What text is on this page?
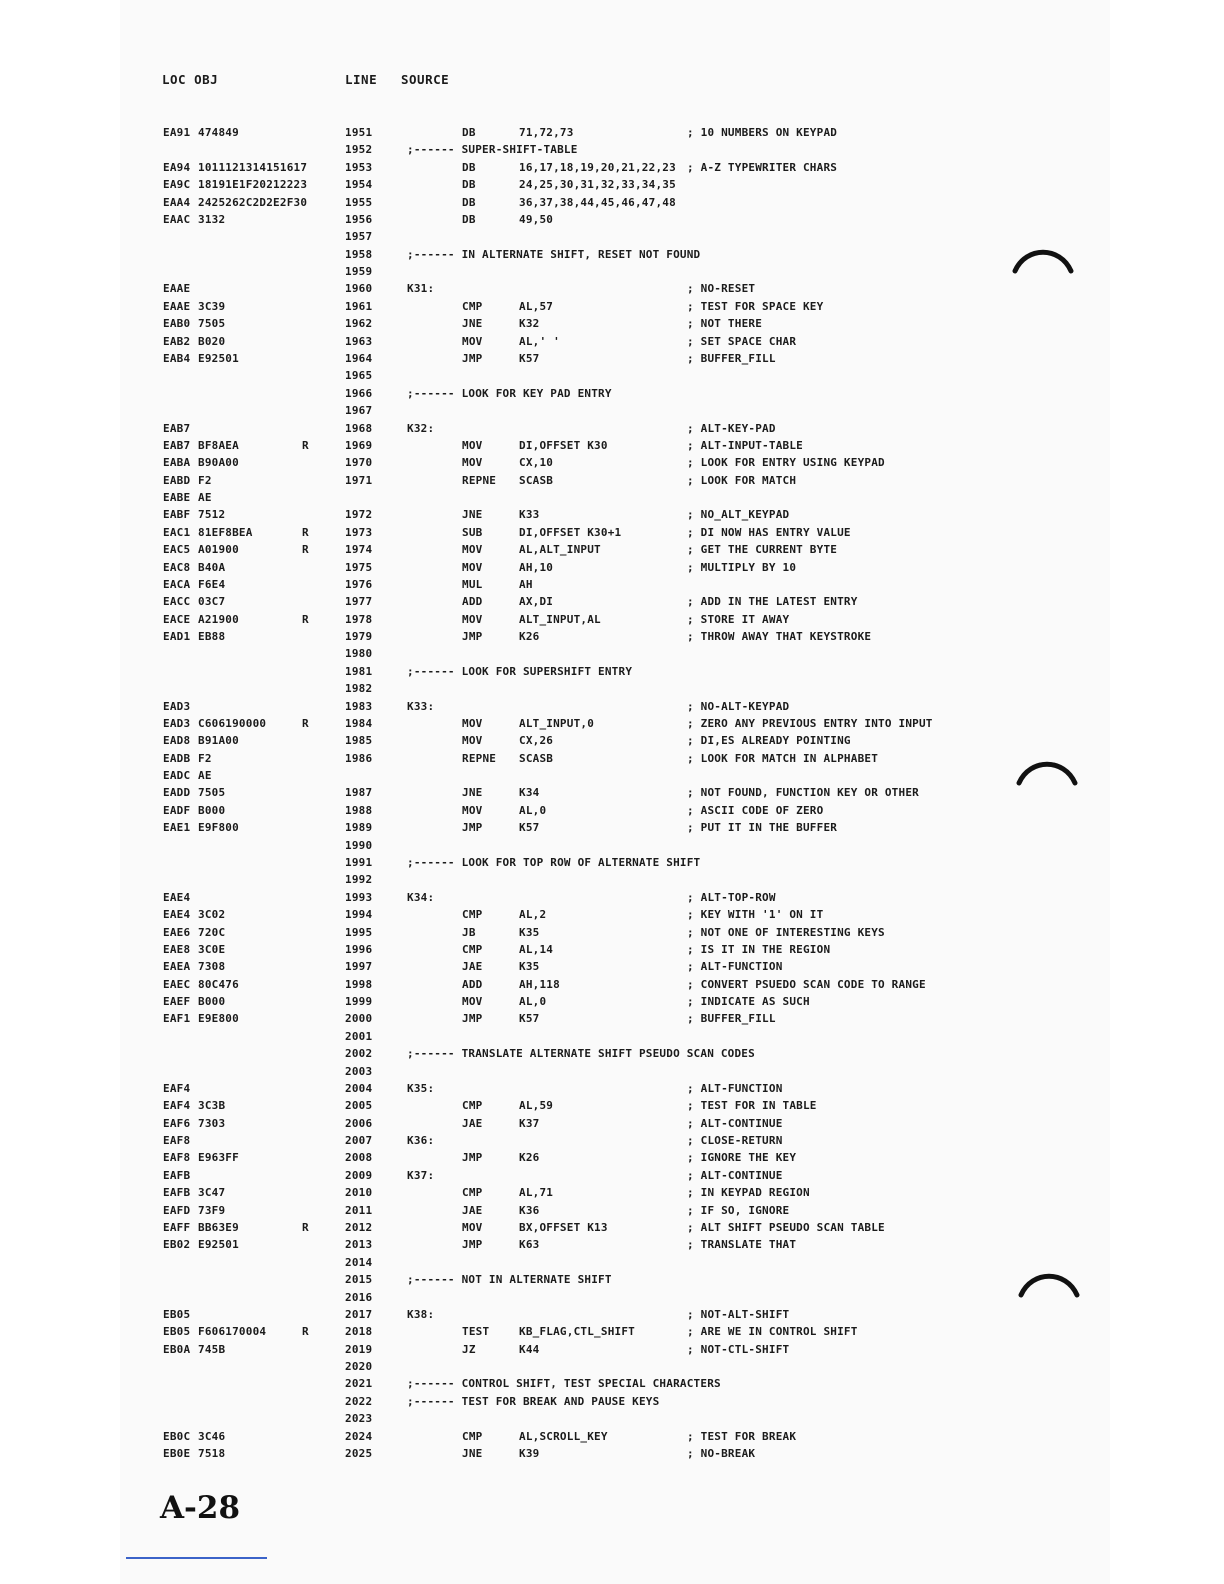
LOC OBJ	LINE SOURCE
EA91 474849	1951	DB	71,72,73	; 10 NUMBERS ON KEYPAD
1952	;------ SUPER-SHIFT-TABLE
EA94 1011121314151617	1953	DB	16,17,18,19,20,21,22,23 ; A-Z TYPEWRITER CHARS
EA9C 18191E1F20212223	1954	DB	24,25,30,31,32,33,34,35
EAA4 2425262C2D2E2F30	1955	DB	36,37,38,44,45,46,47,48
EAAC 3132	1956	DB	49,50
1957
1958	;------ IN ALTERNATE SHIFT, RESET NOT FOUND
1959
EAAE	1960	K31:	; NO-RESET
EAAE 3C39	1961	CMP	AL,57	; TEST FOR SPACE KEY
EAB0 7505	1962	JNE	K32	; NOT THERE
EAB2 B020	1963	MOV	AL,' '	; SET SPACE CHAR
EAB4 E92501	1964	JMP	K57	; BUFFER_FILL
1965
1966	;------ LOOK FOR KEY PAD ENTRY
1967
EAB7	1968	K32:	; ALT-KEY-PAD
EAB7 BF8AEA	R	1969	MOV	DI,OFFSET K30	; ALT-INPUT-TABLE
EABA B90A00	1970	MOV	CX,10	; LOOK FOR ENTRY USING KEYPAD
EABD F2	1971	REPNE SCASB	; LOOK FOR MATCH
EABE AE
EABF 7512	1972	JNE	K33	; NO_ALT_KEYPAD
EAC1 81EF8BEA	R	1973	SUB	DI,OFFSET K30+1	; DI NOW HAS ENTRY VALUE
EAC5 A01900	R	1974	MOV	AL,ALT_INPUT	; GET THE CURRENT BYTE
EAC8 B40A	1975	MOV	AH,10	; MULTIPLY BY 10
EACA F6E4	1976	MUL	AH
EACC 03C7	1977	ADD	AX,DI	; ADD IN THE LATEST ENTRY
EACE A21900	R	1978	MOV	ALT_INPUT,AL	; STORE IT AWAY
EAD1 EB88	1979	JMP	K26	; THROW AWAY THAT KEYSTROKE
1980
1981	;------ LOOK FOR SUPERSHIFT ENTRY
1982
EAD3	1983	K33:	; NO-ALT-KEYPAD
EAD3 C606190000	R	1984	MOV	ALT_INPUT,0	; ZERO ANY PREVIOUS ENTRY INTO INPUT
EAD8 B91A00	1985	MOV	CX,26	; DI,ES ALREADY POINTING
EADB F2	1986	REPNE SCASB	; LOOK FOR MATCH IN ALPHABET
EADC AE
EADD 7505	1987	JNE	K34	; NOT FOUND, FUNCTION KEY OR OTHER
EADF B000	1988	MOV	AL,0	; ASCII CODE OF ZERO
EAE1 E9F800	1989	JMP	K57	; PUT IT IN THE BUFFER
1990
1991	;------ LOOK FOR TOP ROW OF ALTERNATE SHIFT
1992
EAE4	1993	K34:	; ALT-TOP-ROW
EAE4 3C02	1994	CMP	AL,2	; KEY WITH '1' ON IT
EAE6 720C	1995	JB	K35	; NOT ONE OF INTERESTING KEYS
EAE8 3C0E	1996	CMP	AL,14	; IS IT IN THE REGION
EAEA 7308	1997	JAE	K35	; ALT-FUNCTION
EAEC 80C476	1998	ADD	AH,118	; CONVERT PSUEDO SCAN CODE TO RANGE
EAEF B000	1999	MOV	AL,0	; INDICATE AS SUCH
EAF1 E9E800	2000	JMP	K57	; BUFFER_FILL
2001
2002	;------ TRANSLATE ALTERNATE SHIFT PSEUDO SCAN CODES
2003
EAF4	2004	K35:	; ALT-FUNCTION
EAF4 3C3B	2005	CMP	AL,59	; TEST FOR IN TABLE
EAF6 7303	2006	JAE	K37	; ALT-CONTINUE
EAF8	2007	K36:	; CLOSE-RETURN
EAF8 E963FF	2008	JMP	K26	; IGNORE THE KEY
EAFB	2009	K37:	; ALT-CONTINUE
EAFB 3C47	2010	CMP	AL,71	; IN KEYPAD REGION
EAFD 73F9	2011	JAE	K36	; IF SO, IGNORE
EAFF BB63E9	R	2012	MOV	BX,OFFSET K13	; ALT SHIFT PSEUDO SCAN TABLE
EB02 E92501	2013	JMP	K63	; TRANSLATE THAT
2014
2015	;------ NOT IN ALTERNATE SHIFT
2016
EB05	2017	K38:	; NOT-ALT-SHIFT
EB05 F606170004	R	2018	TEST	KB_FLAG,CTL_SHIFT	; ARE WE IN CONTROL SHIFT
EB0A 745B	2019	JZ	K44	; NOT-CTL-SHIFT
2020
2021	;------ CONTROL SHIFT, TEST SPECIAL CHARACTERS
2022	;------ TEST FOR BREAK AND PAUSE KEYS
2023
EB0C 3C46	2024	CMP	AL,SCROLL_KEY	; TEST FOR BREAK
EB0E 7518	2025	JNE	K39	; NO-BREAK
A-28
